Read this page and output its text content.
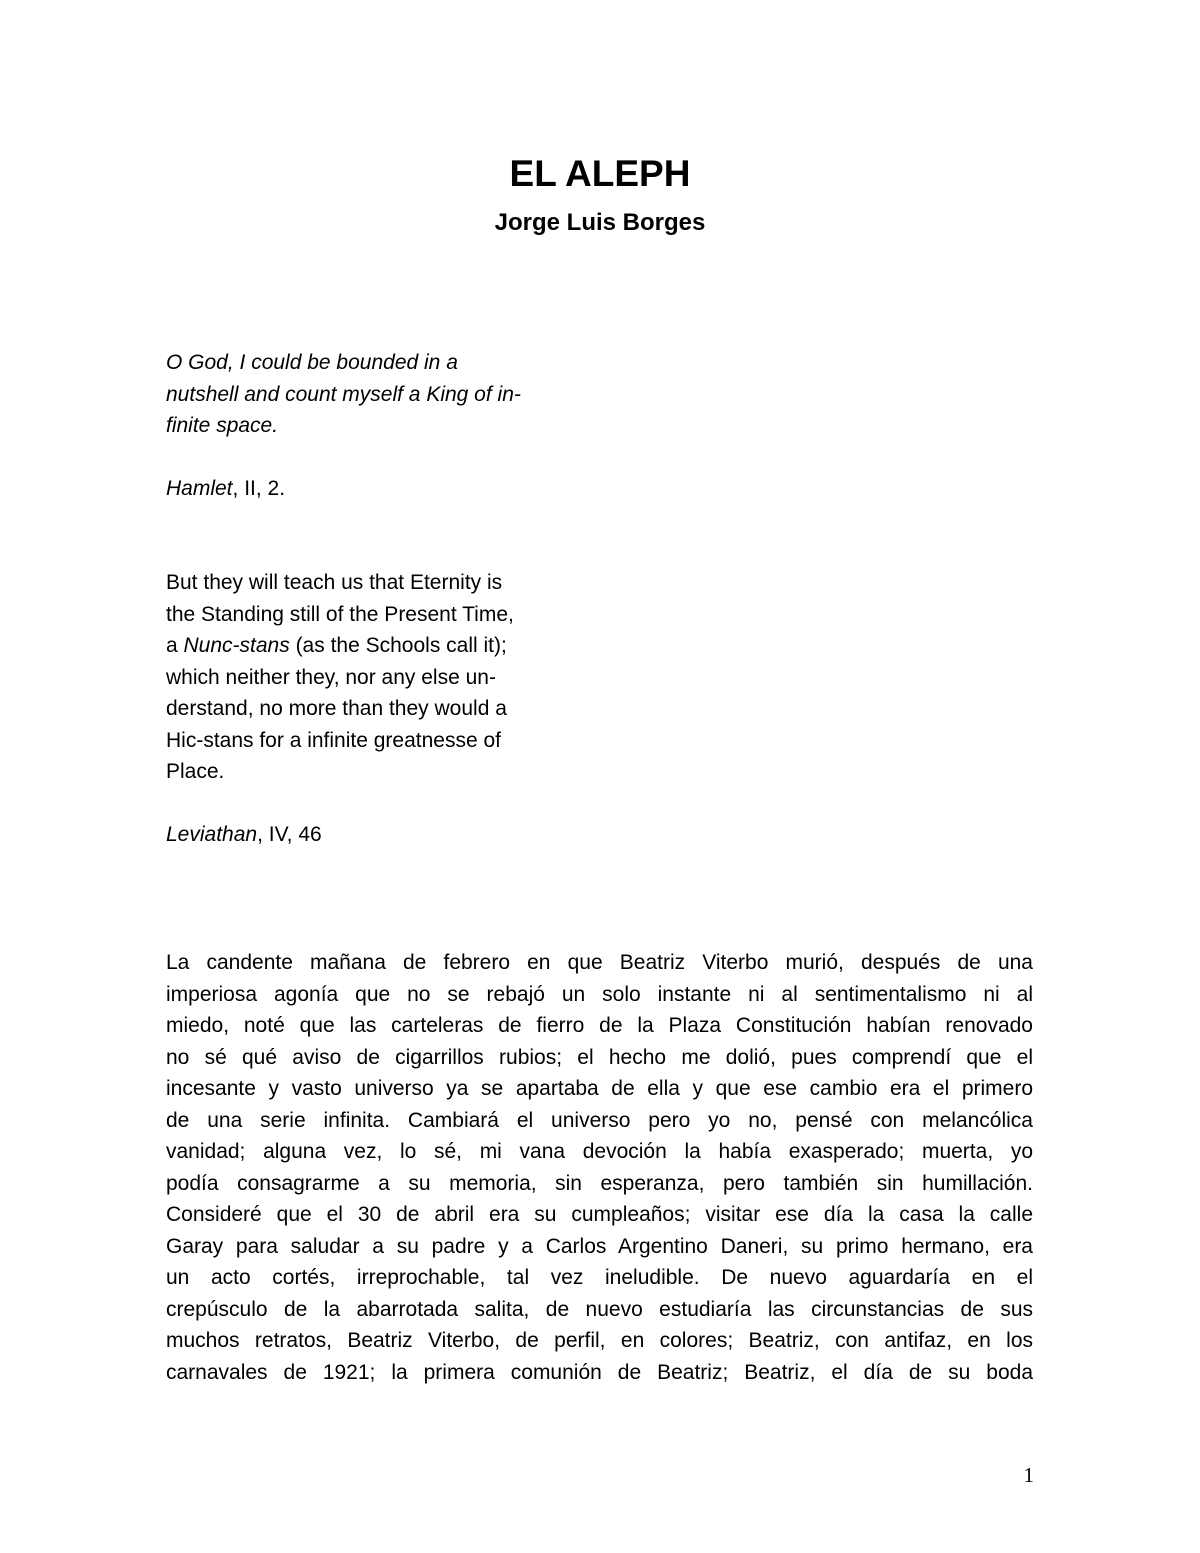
EL ALEPH
Jorge Luis Borges
O God, I could be bounded in a
nutshell and count myself a King of in-
finite space.
Hamlet, II, 2.
But they will teach us that Eternity is
the Standing still of the Present Time,
a Nunc-stans (as the Schools call it);
which neither they, nor any else un-
derstand, no more than they would a
Hic-stans for a infinite greatnesse of
Place.
Leviathan, IV, 46
La candente mañana de febrero en que Beatriz Viterbo murió, después de una
imperiosa agonía que no se rebajó un solo instante ni al sentimentalismo ni al
miedo, noté que las carteleras de fierro de la Plaza Constitución habían renovado
no sé qué aviso de cigarrillos rubios; el hecho me dolió, pues comprendí que el
incesante y vasto universo ya se apartaba de ella y que ese cambio era el primero
de una serie infinita. Cambiará el universo pero yo no, pensé con melancólica
vanidad; alguna vez, lo sé, mi vana devoción la había exasperado; muerta, yo
podía consagrarme a su memoria, sin esperanza, pero también sin humillación.
Consideré que el 30 de abril era su cumpleaños; visitar ese día la casa la calle
Garay para saludar a su padre y a Carlos Argentino Daneri, su primo hermano, era
un acto cortés, irreprochable, tal vez ineludible. De nuevo aguardaría en el
crepúsculo de la abarrotada salita, de nuevo estudiaría las circunstancias de sus
muchos retratos, Beatriz Viterbo, de perfil, en colores; Beatriz, con antifaz, en los
carnavales de 1921; la primera comunión de Beatriz; Beatriz, el día de su boda
1
